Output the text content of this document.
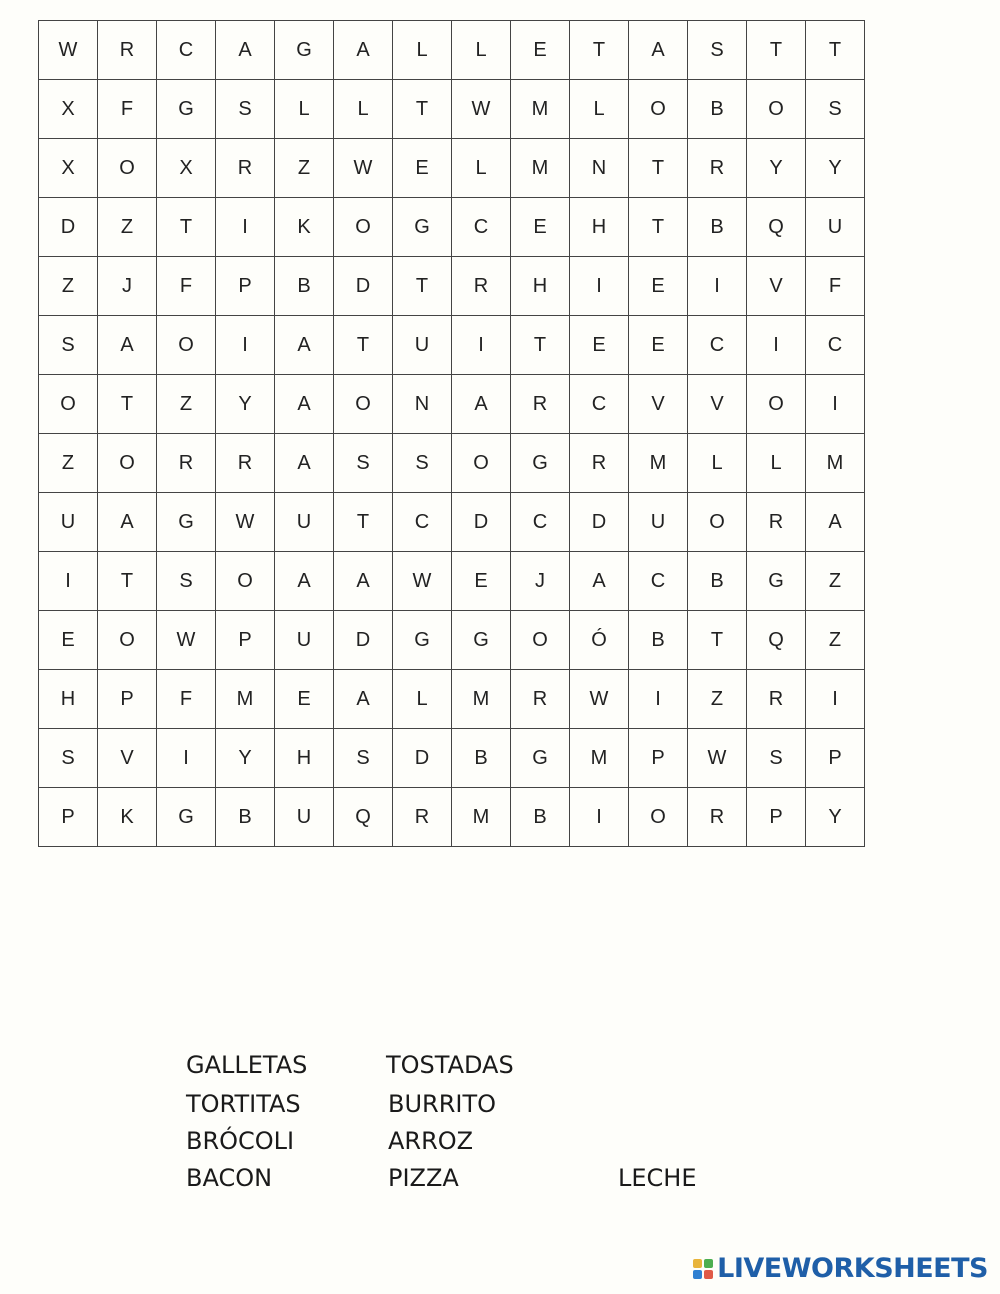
W	R	C	A	G	A	L	L	E	T	A	S	T	T
X	F	G	S	L	L	T	W	M	L	O	B	O	S
X	O	X	R	Z	W	E	L	M	N	T	R	Y	Y
D	Z	T	I	K	O	G	C	E	H	T	B	Q	U
Z	J	F	P	B	D	T	R	H	I	E	I	V	F
S	A	O	I	A	T	U	I	T	E	E	C	I	C
O	T	Z	Y	A	O	N	A	R	C	V	V	O	I
Z	O	R	R	A	S	S	O	G	R	M	L	L	M
U	A	G	W	U	T	C	D	C	D	U	O	R	A
I	T	S	O	A	A	W	E	J	A	C	B	G	Z
E	O	W	P	U	D	G	G	O	Ó	B	T	Q	Z
H	P	F	M	E	A	L	M	R	W	I	Z	R	I
S	V	I	Y	H	S	D	B	G	M	P	W	S	P
P	K	G	B	U	Q	R	M	B	I	O	R	P	Y
GALLETAS	TOSTADAS
TORTITAS	BURRITO
BRÓCOLI	ARROZ
BACON	PIZZA	LECHE
LIVEWORKSHEETS
